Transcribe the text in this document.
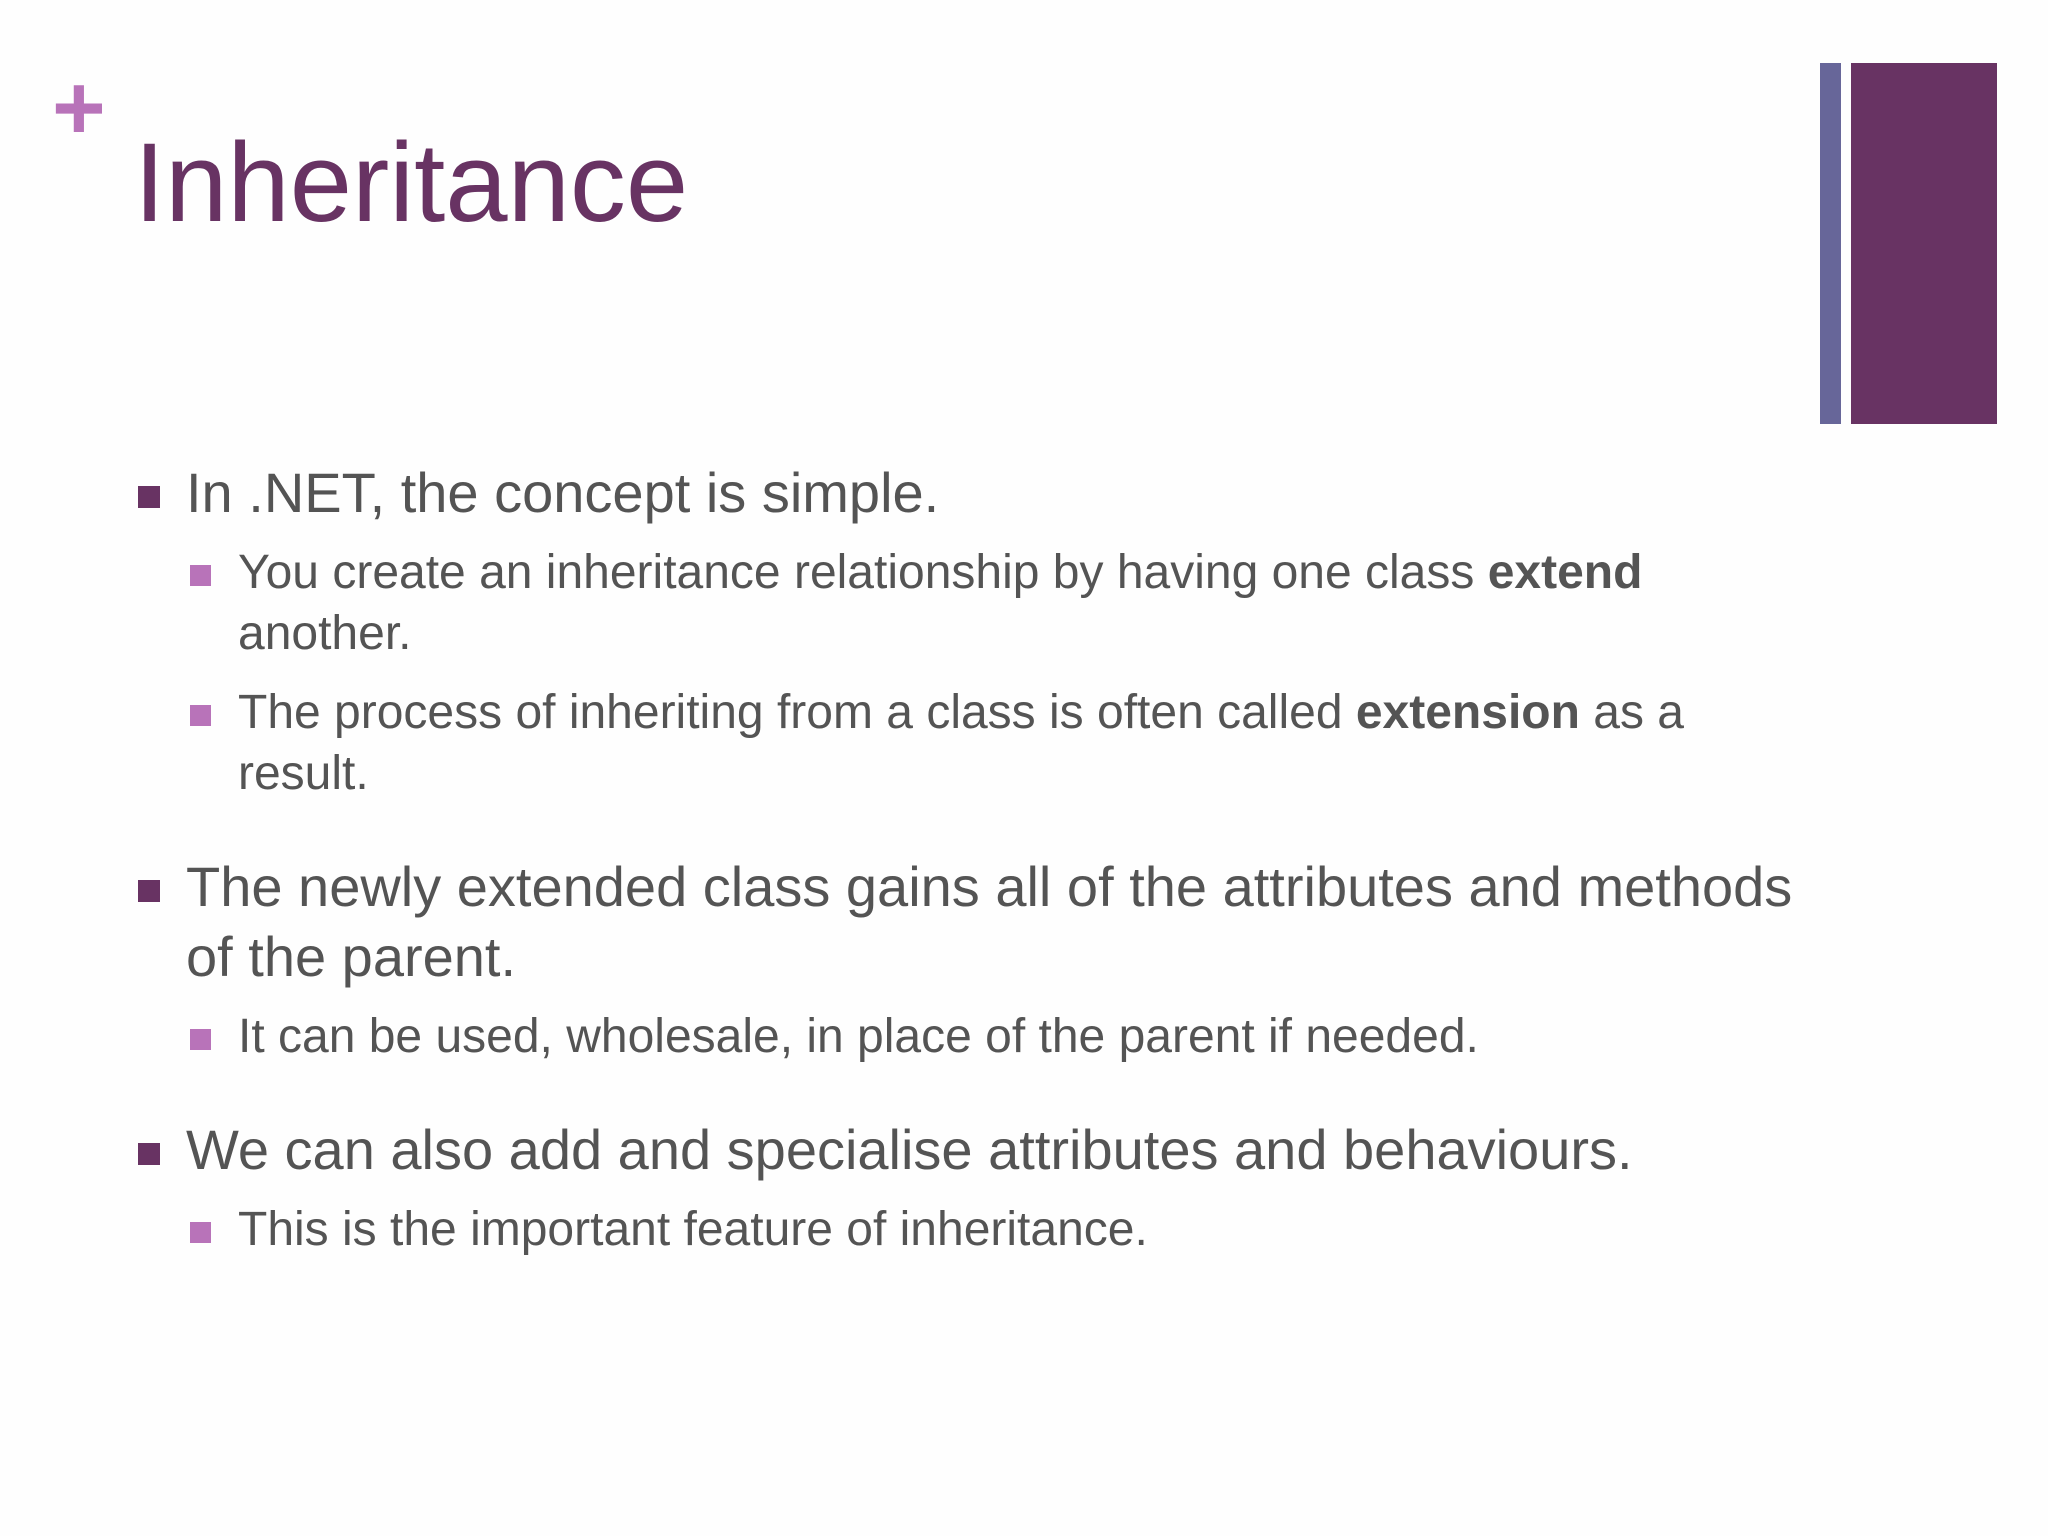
+
Inheritance
In .NET, the concept is simple.
You create an inheritance relationship by having one class extend another.
The process of inheriting from a class is often called extension as a result.
The newly extended class gains all of the attributes and methods of the parent.
It can be used, wholesale, in place of the parent if needed.
We can also add and specialise attributes and behaviours.
This is the important feature of inheritance.
